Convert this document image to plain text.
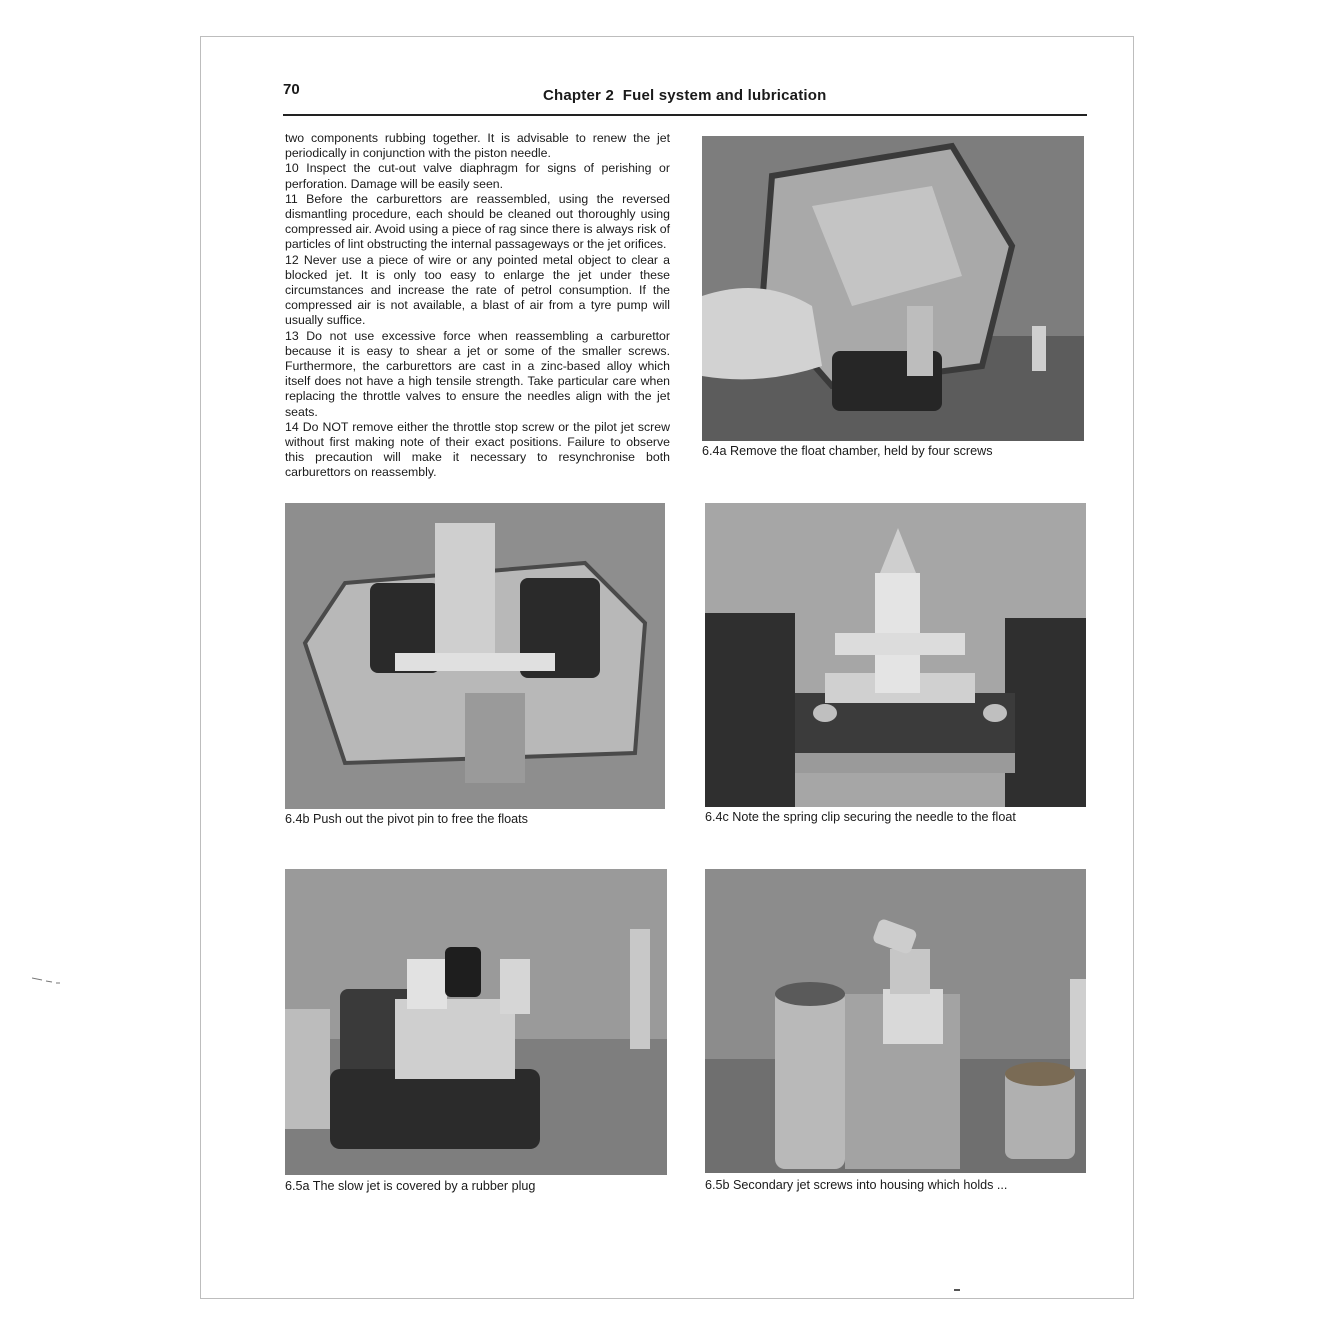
70	Chapter 2  Fuel system and lubrication

two components rubbing together. It is advisable to renew the jet periodically in conjunction with the piston needle.

10 Inspect the cut-out valve diaphragm for signs of perishing or perforation. Damage will be easily seen.

11 Before the carburettors are reassembled, using the reversed dismantling procedure, each should be cleaned out thoroughly using compressed air. Avoid using a piece of rag since there is always risk of particles of lint obstructing the internal passageways or the jet orifices.

12 Never use a piece of wire or any pointed metal object to clear a blocked jet. It is only too easy to enlarge the jet under these circumstances and increase the rate of petrol consumption. If the compressed air is not available, a blast of air from a tyre pump will usually suffice.

13 Do not use excessive force when reassembling a carburettor because it is easy to shear a jet or some of the smaller screws. Furthermore, the carburettors are cast in a zinc-based alloy which itself does not have a high tensile strength. Take particular care when replacing the throttle valves to ensure the needles align with the jet seats.

14 Do NOT remove either the throttle stop screw or the pilot jet screw without first making note of their exact positions. Failure to observe this precaution will make it necessary to resynchronise both carburettors on reassembly.

6.4a Remove the float chamber, held by four screws
6.4b Push out the pivot pin to free the floats	6.4c Note the spring clip securing the needle to the float
6.5a The slow jet is covered by a rubber plug	6.5b Secondary jet screws into housing which holds ...
